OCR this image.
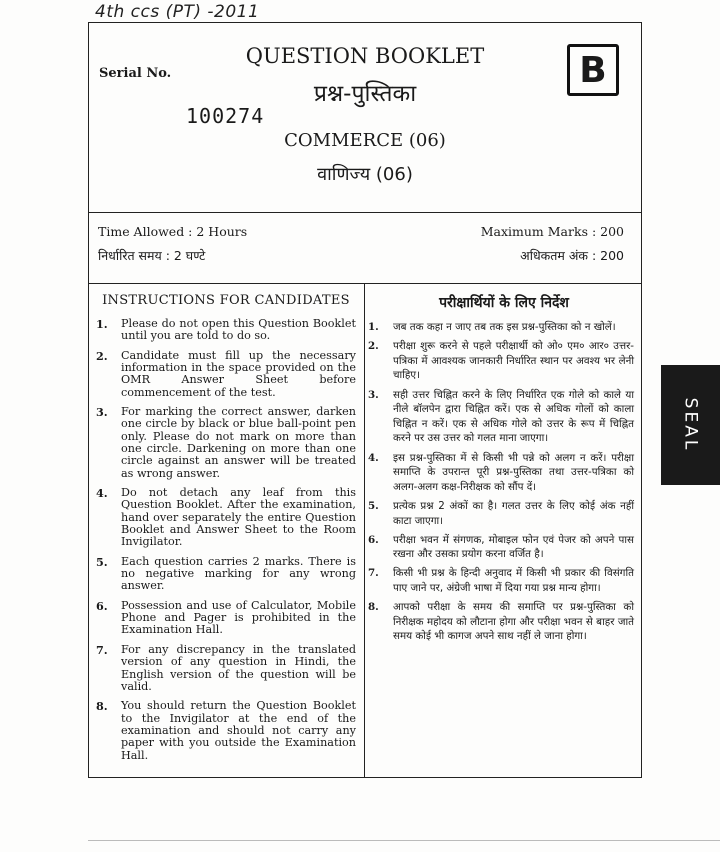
4th ccs (PT) -2011
Serial No.
100274
QUESTION BOOKLET
प्रश्न-पुस्तिका
B
COMMERCE (06)
वाणिज्य (06)
Time Allowed : 2 Hours
निर्धारित समय : 2 घण्टे
Maximum Marks : 200
अधिकतम अंक : 200
INSTRUCTIONS FOR CANDIDATES	परीक्षार्थियों के लिए निर्देश
1. Please do not open this Question Booklet until you are told to do so.
2. Candidate must fill up the necessary information in the space provided on the OMR Answer Sheet before commencement of the test.
3. For marking the correct answer, darken one circle by black or blue ball-point pen only. Please do not mark on more than one circle. Darkening on more than one circle against an answer will be treated as wrong answer.
4. Do not detach any leaf from this Question Booklet. After the examination, hand over separately the entire Question Booklet and Answer Sheet to the Room Invigilator.
5. Each question carries 2 marks. There is no negative marking for any wrong answer.
6. Possession and use of Calculator, Mobile Phone and Pager is prohibited in the Examination Hall.
7. For any discrepancy in the translated version of any question in Hindi, the English version of the question will be valid.
8. You should return the Question Booklet to the Invigilator at the end of the examination and should not carry any paper with you outside the Examination Hall.
1. जब तक कहा न जाए तब तक इस प्रश्न-पुस्तिका को न खोलें।
2. परीक्षा शुरू करने से पहले परीक्षार्थी को ओ० एम० आर० उत्तर-पत्रिका में आवश्यक जानकारी निर्धारित स्थान पर अवश्य भर लेनी चाहिए।
3. सही उत्तर चिह्नित करने के लिए निर्धारित एक गोले को काले या नीले बॉलपेन द्वारा चिह्नित करें। एक से अधिक गोलों को काला चिह्नित न करें। एक से अधिक गोले को उत्तर के रूप में चिह्नित करने पर उस उत्तर को गलत माना जाएगा।
4. इस प्रश्न-पुस्तिका में से किसी भी पन्ने को अलग न करें। परीक्षा समाप्ति के उपरान्त पूरी प्रश्न-पुस्तिका तथा उत्तर-पत्रिका को अलग-अलग कक्ष-निरीक्षक को सौंप दें।
5. प्रत्येक प्रश्न 2 अंकों का है। गलत उत्तर के लिए कोई अंक नहीं काटा जाएगा।
6. परीक्षा भवन में संगणक, मोबाइल फोन एवं पेजर को अपने पास रखना और उसका प्रयोग करना वर्जित है।
7. किसी भी प्रश्न के हिन्दी अनुवाद में किसी भी प्रकार की विसंगति पाए जाने पर, अंग्रेजी भाषा में दिया गया प्रश्न मान्य होगा।
8. आपको परीक्षा के समय की समाप्ति पर प्रश्न-पुस्तिका को निरीक्षक महोदय को लौटाना होगा और परीक्षा भवन से बाहर जाते समय कोई भी कागज अपने साथ नहीं ले जाना होगा।
SEAL
